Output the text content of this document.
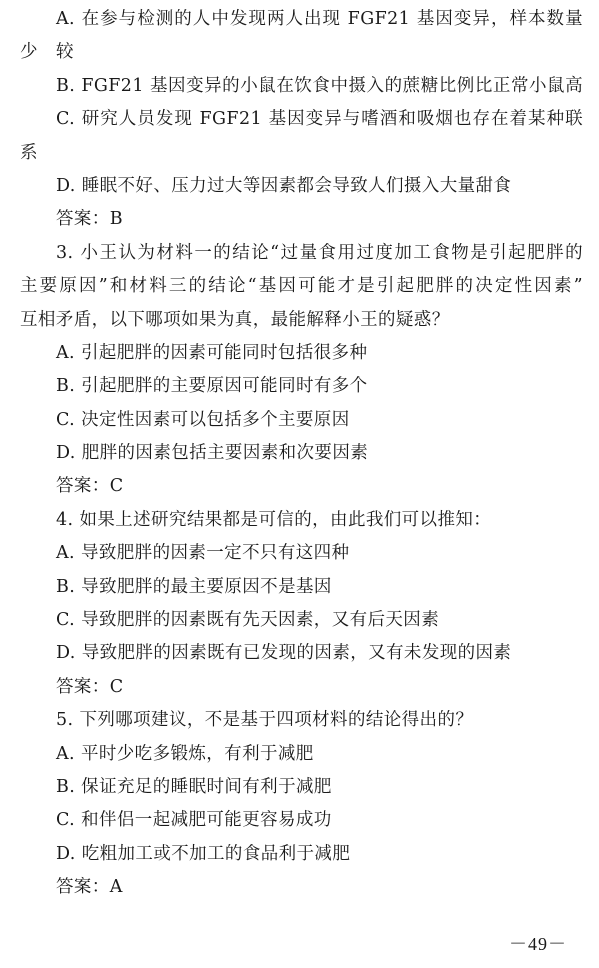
A. 在参与检测的人中发现两人出现 FGF21 基因变异，样本数量较
少
B. FGF21 基因变异的小鼠在饮食中摄入的蔗糖比例比正常小鼠高
C. 研究人员发现 FGF21 基因变异与嗜酒和吸烟也存在着某种联
系
D. 睡眠不好、压力过大等因素都会导致人们摄入大量甜食
答案：B
3. 小王认为材料一的结论“过量食用过度加工食物是引起肥胖的
主要原因”和材料三的结论“基因可能才是引起肥胖的决定性因素”
互相矛盾，以下哪项如果为真，最能解释小王的疑惑？
A. 引起肥胖的因素可能同时包括很多种
B. 引起肥胖的主要原因可能同时有多个
C. 决定性因素可以包括多个主要原因
D. 肥胖的因素包括主要因素和次要因素
答案：C
4. 如果上述研究结果都是可信的，由此我们可以推知：
A. 导致肥胖的因素一定不只有这四种
B. 导致肥胖的最主要原因不是基因
C. 导致肥胖的因素既有先天因素，又有后天因素
D. 导致肥胖的因素既有已发现的因素，又有未发现的因素
答案：C
5. 下列哪项建议，不是基于四项材料的结论得出的？
A. 平时少吃多锻炼，有利于减肥
B. 保证充足的睡眠时间有利于减肥
C. 和伴侣一起减肥可能更容易成功
D. 吃粗加工或不加工的食品利于减肥
答案：A
－49－
